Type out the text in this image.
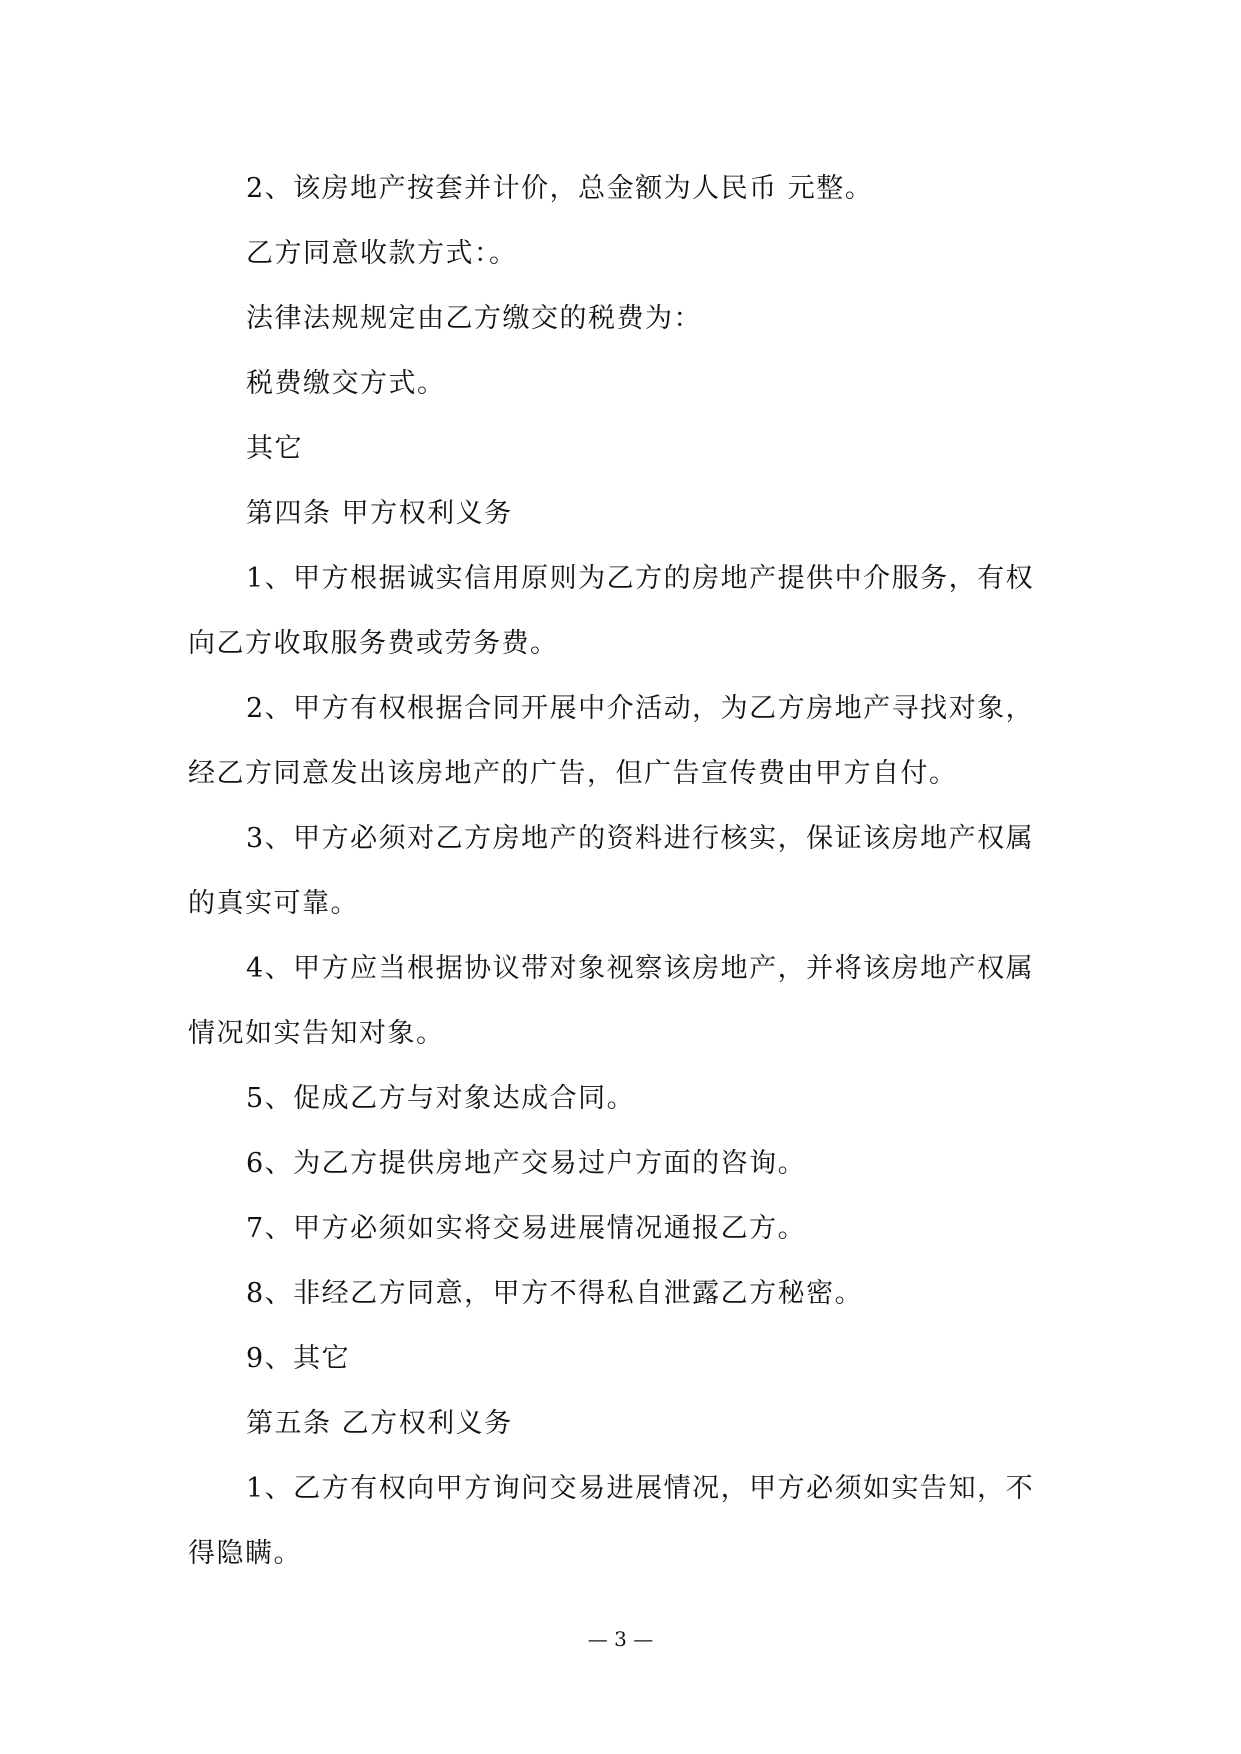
2、该房地产按套并计价，总金额为人民币 元整。

乙方同意收款方式：。

法律法规规定由乙方缴交的税费为：

税费缴交方式。

其它

第四条 甲方权利义务

1、甲方根据诚实信用原则为乙方的房地产提供中介服务，有权向乙方收取服务费或劳务费。

2、甲方有权根据合同开展中介活动，为乙方房地产寻找对象，经乙方同意发出该房地产的广告，但广告宣传费由甲方自付。

3、甲方必须对乙方房地产的资料进行核实，保证该房地产权属的真实可靠。

4、甲方应当根据协议带对象视察该房地产，并将该房地产权属情况如实告知对象。

5、促成乙方与对象达成合同。

6、为乙方提供房地产交易过户方面的咨询。

7、甲方必须如实将交易进展情况通报乙方。

8、非经乙方同意，甲方不得私自泄露乙方秘密。

9、其它

第五条 乙方权利义务

1、乙方有权向甲方询问交易进展情况，甲方必须如实告知，不得隐瞒。

— 3 —
